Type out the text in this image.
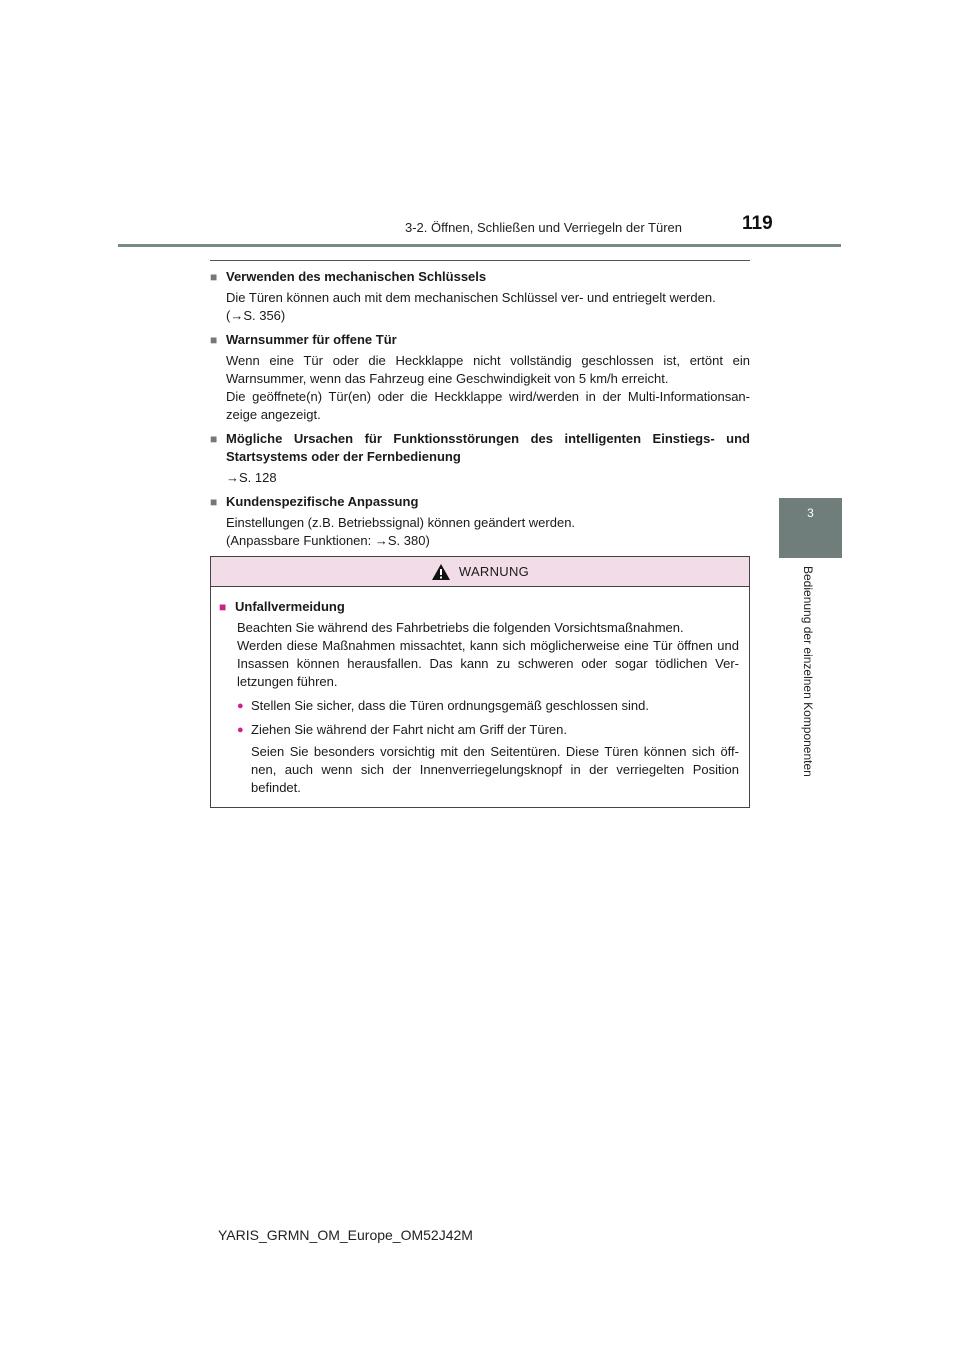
3-2. Öffnen, Schließen und Verriegeln der Türen	119
3
Bedienung der einzelnen Komponenten
■ Verwenden des mechanischen Schlüssels

Die Türen können auch mit dem mechanischen Schlüssel ver- und entriegelt werden.

(→S. 356)

■ Warnsummer für offene Tür

Wenn eine Tür oder die Heckklappe nicht vollständig geschlossen ist, ertönt ein Warnsummer, wenn das Fahrzeug eine Geschwindigkeit von 5 km/h erreicht.

Die geöffnete(n) Tür(en) oder die Heckklappe wird/werden in der Multi-Informationsan-zeige angezeigt.

■ Mögliche Ursachen für Funktionsstörungen des intelligenten Einstiegs- und Startsystems oder der Fernbedienung

→S. 128

■ Kundenspezifische Anpassung

Einstellungen (z.B. Betriebssignal) können geändert werden.

(Anpassbare Funktionen: →S. 380)

WARNUNG
■ Unfallvermeidung

Beachten Sie während des Fahrbetriebs die folgenden Vorsichtsmaßnahmen.

Werden diese Maßnahmen missachtet, kann sich möglicherweise eine Tür öffnen und Insassen können herausfallen. Das kann zu schweren oder sogar tödlichen Ver-letzungen führen.

● Stellen Sie sicher, dass die Türen ordnungsgemäß geschlossen sind.
● Ziehen Sie während der Fahrt nicht am Griff der Türen.
Seien Sie besonders vorsichtig mit den Seitentüren. Diese Türen können sich öff-nen, auch wenn sich der Innenverriegelungsknopf in der verriegelten Position befindet.
YARIS_GRMN_OM_Europe_OM52J42M
